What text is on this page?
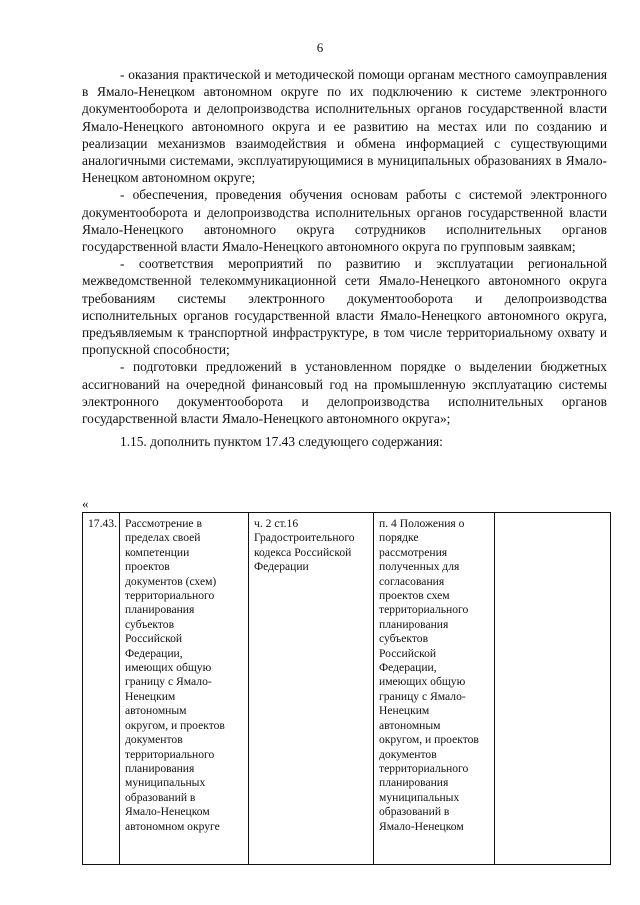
6

- оказания практической и методической помощи органам местного самоуправления в Ямало-Ненецком автономном округе по их подключению к системе электронного документооборота и делопроизводства исполнительных органов государственной власти Ямало-Ненецкого автономного округа и ее развитию на местах или по созданию и реализации механизмов взаимодействия и обмена информацией с существующими аналогичными системами, эксплуатирующимися в муниципальных образованиях в Ямало-Ненецком автономном округе;

- обеспечения, проведения обучения основам работы с системой электронного документооборота и делопроизводства исполнительных органов государственной власти Ямало-Ненецкого автономного округа сотрудников исполнительных органов государственной власти Ямало-Ненецкого автономного округа по групповым заявкам;

- соответствия мероприятий по развитию и эксплуатации региональной межведомственной телекоммуникационной сети Ямало-Ненецкого автономного округа требованиям системы электронного документооборота и делопроизводства исполнительных органов государственной власти Ямало-Ненецкого автономного округа, предъявляемым к транспортной инфраструктуре, в том числе территориальному охвату и пропускной способности;

- подготовки предложений в установленном порядке о выделении бюджетных ассигнований на очередной финансовый год на промышленную эксплуатацию системы электронного документооборота и делопроизводства исполнительных органов государственной власти Ямало-Ненецкого автономного округа»;

1.15. дополнить пунктом 17.43 следующего содержания:

«
17.43.	Рассмотрение в
пределах своей
компетенции
проектов
документов (схем)
территориального
планирования
субъектов
Российской
Федерации,
имеющих общую
границу с Ямало-
Ненецким
автономным
округом, и проектов
документов
территориального
планирования
муниципальных
образований в
Ямало-Ненецком
автономном округе	ч. 2 ст.16 Градостроительного кодекса Российской Федерации	п. 4 Положения о
порядке
рассмотрения
полученных для
согласования
проектов схем
территориального
планирования
субъектов
Российской
Федерации,
имеющих общую
границу с Ямало-
Ненецким
автономным
округом, и проектов
документов
территориального
планирования
муниципальных
образований в
Ямало-Ненецком	
